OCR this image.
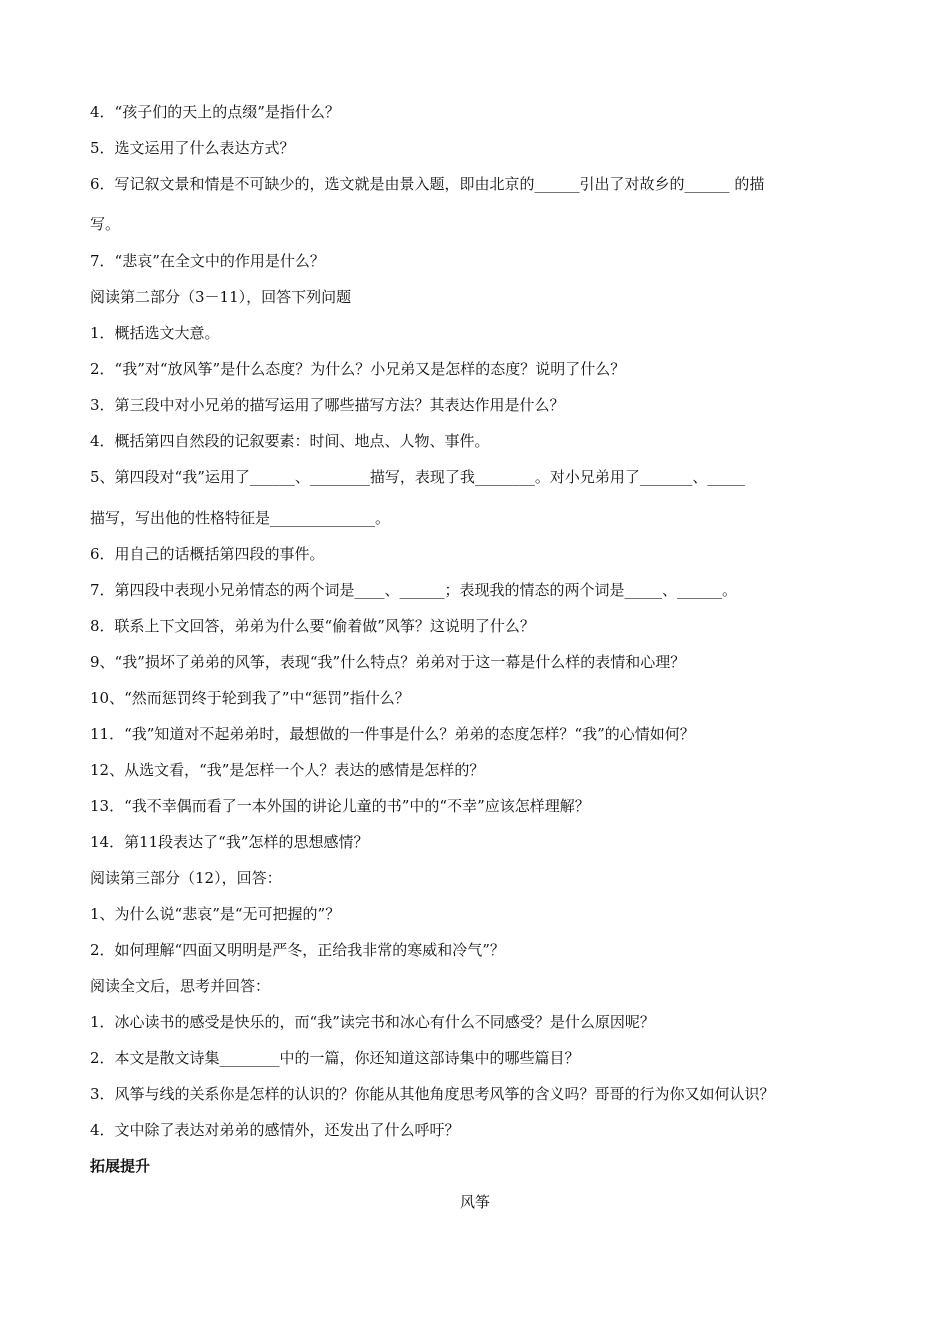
4．“孩子们的天上的点缀”是指什么？
5．选文运用了什么表达方式？
6．写记叙文景和情是不可缺少的，选文就是由景入题，即由北京的______引出了对故乡的______ 的描
写。
7．“悲哀”在全文中的作用是什么？
阅读第二部分（3－11），回答下列问题
1．概括选文大意。
2．“我”对“放风筝”是什么态度？为什么？小兄弟又是怎样的态度？说明了什么？
3．第三段中对小兄弟的描写运用了哪些描写方法？其表达作用是什么？
4．概括第四自然段的记叙要素：时间、地点、人物、事件。
5、第四段对“我”运用了______、________描写，表现了我________。对小兄弟用了_______、_____
描写，写出他的性格特征是______________。
6．用自己的话概括第四段的事件。
7．第四段中表现小兄弟情态的两个词是____、______；表现我的情态的两个词是_____、______。
8．联系上下文回答，弟弟为什么要“偷着做”风筝？这说明了什么？
9、“我”损坏了弟弟的风筝，表现“我”什么特点？弟弟对于这一幕是什么样的表情和心理？
10、“然而惩罚终于轮到我了”中“惩罚”指什么？
11．“我”知道对不起弟弟时，最想做的一件事是什么？弟弟的态度怎样？“我”的心情如何？
12、从选文看，“我”是怎样一个人？表达的感情是怎样的？
13．“我不幸偶而看了一本外国的讲论儿童的书”中的“不幸”应该怎样理解？
14．第11段表达了“我”怎样的思想感情？
阅读第三部分（12），回答：
1、为什么说“悲哀”是“无可把握的”？
2．如何理解“四面又明明是严冬，正给我非常的寒威和冷气”？
阅读全文后，思考并回答：
1．冰心读书的感受是快乐的，而“我”读完书和冰心有什么不同感受？是什么原因呢？
2．本文是散文诗集________中的一篇，你还知道这部诗集中的哪些篇目？
3．风筝与线的关系你是怎样的认识的？你能从其他角度思考风筝的含义吗？哥哥的行为你又如何认识？
4．文中除了表达对弟弟的感情外，还发出了什么呼吁？
拓展提升
风筝
